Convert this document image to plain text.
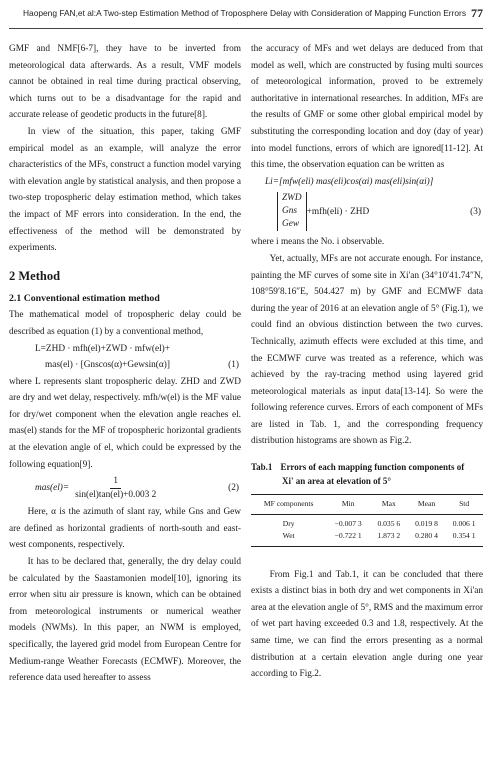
Haopeng FAN,et al:A Two-step Estimation Method of Troposphere Delay with Consideration of Mapping Function Errors 77

GMF and NMF[6-7], they have to be inverted from meteorological data afterwards. As a result, VMF models cannot be obtained in real time during practical observing, which turns out to be a disadvantage for the rapid and accurate release of geodetic products in the future[8].

In view of the situation, this paper, taking GMF empirical model as an example, will analyze the error characteristics of the MFs, construct a function model varying with elevation angle by statistical analysis, and then propose a two-step tropospheric delay estimation method, which takes the impact of MF errors into consideration. In the end, the effectiveness of the method will be demonstrated by experiments.

2 Method
2.1 Conventional estimation method

The mathematical model of tropospheric delay could be described as equation (1) by a conventional method,

L=ZHD · mfh(el)+ZWD · mfw(el)+
mas(el) · [Gnscos(α)+Gewsin(α)]	(1)

where L represents slant tropospheric delay. ZHD and ZWD are dry and wet delay, respectively. mfh/w(el) is the MF value for dry/wet component when the elevation angle reaches el. mas(el) stands for the MF of tropospheric horizontal gradients at the elevation angle of el, which could be expressed by the following equation[9].

$mas(el)= \frac{1}{\sin(el)\tan(el)+0.003 2}$	(2)

Here, α is the azimuth of slant ray, while Gns and Gew are defined as horizontal gradients of north-south and east-west components, respectively.

It has to be declared that, generally, the dry delay could be calculated by the Saastamonien model[10], ignoring its error when situ air pressure is known, which can be obtained from meteorological instruments or numerical weather models (NWMs). In this paper, an NWM is employed, specifically, the layered grid model from European Centre for Medium-range Weather Forecasts (ECMWF). Moreover, the reference data used hereafter to assess

the accuracy of MFs and wet delays are deduced from that model as well, which are constructed by fusing multi sources of meteorological information, proved to be extremely authoritative in international researches. In addition, MFs are the results of GMF or some other global empirical model by substituting the corresponding location and doy (day of year) into model functions, errors of which are ignored[11-12]. At this time, the observation equation can be written as

Li=[mfw(eli) mas(eli)cos(αi) mas(eli)sin(αi)]
ZWD
Gns
Gew
+mfh(eli) · ZHD	(3)

where i means the No. i observable.

Yet, actually, MFs are not accurate enough. For instance, painting the MF curves of some site in Xi'an (34°10′41.74″N, 108°59′8.16″E, 504.427 m) by GMF and ECMWF data during the year of 2016 at an elevation angle of 5° (Fig.1), we could find an obvious distinction between the two curves. Technically, azimuth effects were excluded at this time, and the ECMWF curve was treated as a reference, which was achieved by the ray-tracing method using layered grid meteorological materials as input data[13-14]. So were the following reference curves. Errors of each component of MFs are listed in Tab. 1, and the corresponding frequency distribution histograms are shown as Fig.2.

Tab.1 Errors of each mapping function components of
Xi' an area at elevation of 5°
MF components	Min	Max	Mean	Std
Dry	−0.007 3	0.035 6	0.019 8	0.006 1
Wet	−0.722 1	1.873 2	0.280 4	0.354 1

From Fig.1 and Tab.1, it can be concluded that there exists a distinct bias in both dry and wet components in Xi'an area at the elevation angle of 5°, RMS and the maximum error of wet part having exceeded 0.3 and 1.8, respectively. At the same time, we can find the errors presenting as a normal distribution at a certain elevation angle during one year according to Fig.2.
